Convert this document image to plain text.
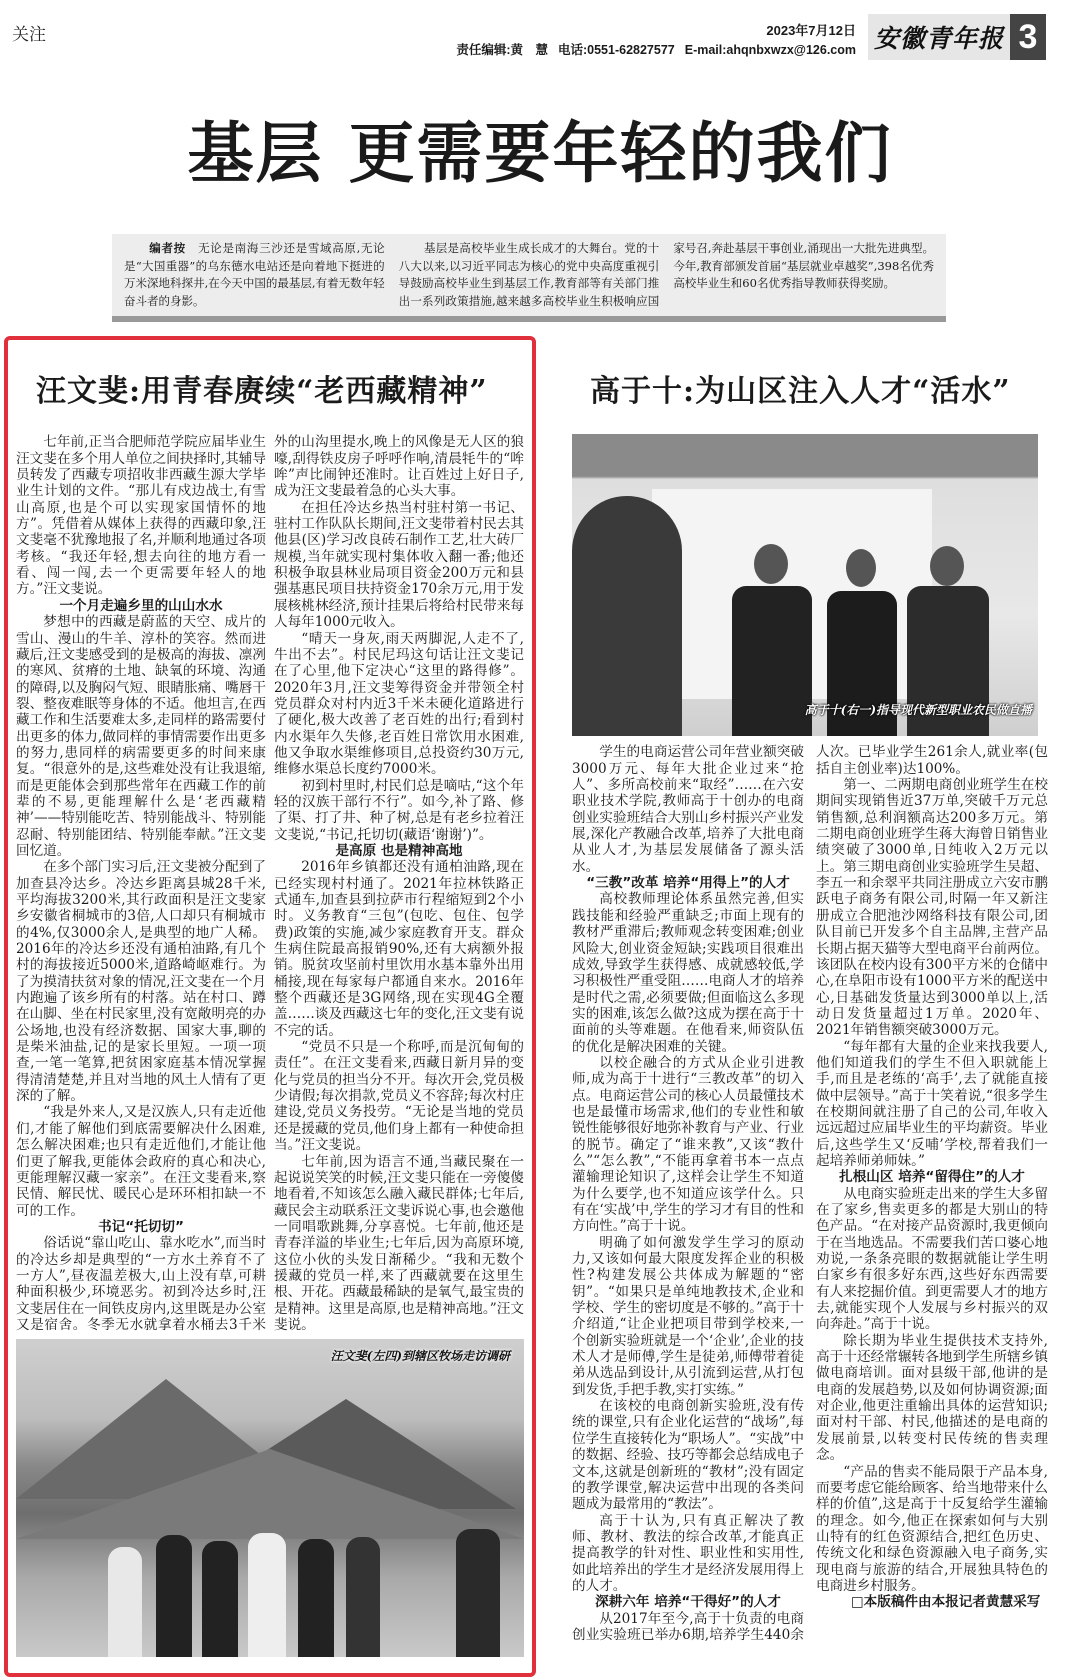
关注	2023年7月12日
责任编辑:黄　慧 电话:0551-62827577 E-mail:ahqnbxwzx@126.com 安徽青年报 3
基层 更需要年轻的我们

编者按　 无论是南海三沙还是雪域高原,无论是“大国重器”的乌东德水电站还是向着地下挺进的万米深地科探井,在今天中国的最基层,有着无数年轻奋斗者的身影。

基层是高校毕业生成长成才的大舞台。党的十八大以来,以习近平同志为核心的党中央高度重视引导鼓励高校毕业生到基层工作,教育部等有关部门推出一系列政策措施,越来越多高校毕业生积极响应国家号召,奔赴基层干事创业,涌现出一大批先进典型。今年,教育部颁发首届“基层就业卓越奖”,398名优秀高校毕业生和60名优秀指导教师获得奖励。

汪文斐:用青春赓续“老西藏精神”

七年前,正当合肥师范学院应届毕业生汪文斐在多个用人单位之间抉择时,其辅导员转发了西藏专项招收非西藏生源大学毕业生计划的文件。“那儿有戍边战士,有雪山高原,也是个可以实现家国情怀的地方”。凭借着从媒体上获得的西藏印象,汪文斐毫不犹豫地报了名,并顺利地通过各项考核。“我还年轻,想去向往的地方看一看、闯一闯,去一个更需要年轻人的地方。”汪文斐说。

一个月走遍乡里的山山水水

梦想中的西藏是蔚蓝的天空、成片的雪山、漫山的牛羊、淳朴的笑容。然而进藏后,汪文斐感受到的是极高的海拔、凛冽的寒风、贫瘠的土地、缺氧的环境、沟通的障碍,以及胸闷气短、眼睛胀痛、嘴唇干裂、整夜难眠等身体的不适。他坦言,在西藏工作和生活要难太多,走同样的路需要付出更多的体力,做同样的事情需要作出更多的努力,患同样的病需要更多的时间来康复。“很意外的是,这些难处没有让我退缩,而是更能体会到那些常年在西藏工作的前辈的不易,更能理解什么是‘老西藏精神’——特别能吃苦、特别能战斗、特别能忍耐、特别能团结、特别能奉献。”汪文斐回忆道。

在多个部门实习后,汪文斐被分配到了加查县冷达乡。冷达乡距离县城28千米,平均海拔3200米,其行政面积是汪文斐家乡安徽省桐城市的3倍,人口却只有桐城市的4%,仅3000余人,是典型的地广人稀。2016年的冷达乡还没有通柏油路,有几个村的海拔接近5000米,道路崎岖难行。为了为摸清扶贫对象的情况,汪文斐在一个月内跑遍了该乡所有的村落。站在村口、蹲在山脚、坐在村民家里,没有宽敞明亮的办公场地,也没有经济数据、国家大事,聊的是柴米油盐,记的是家长里短。一项一项查,一笔一笔算,把贫困家庭基本情况掌握得清清楚楚,并且对当地的风土人情有了更深的了解。

“我是外来人,又是汉族人,只有走近他们,才能了解他们到底需要解决什么困难,怎么解决困难;也只有走近他们,才能让他们更了解我,更能体会政府的真心和决心,更能理解汉藏一家亲”。在汪文斐看来,察民情、解民忧、暖民心是环环相扣缺一不可的工作。

书记“托切切”

俗话说“靠山吃山、靠水吃水”,而当时的冷达乡却是典型的“一方水土养育不了一方人”,昼夜温差极大,山上没有草,可耕种面积极少,环境恶劣。初到冷达乡时,汪文斐居住在一间铁皮房内,这里既是办公室又是宿舍。冬季无水就拿着水桶去3千米外的山沟里提水,晚上的风像是无人区的狼嚎,刮得铁皮房子呼呼作响,清晨牦牛的“哞哞”声比闹钟还准时。让百姓过上好日子,成为汪文斐最着急的心头大事。

在担任冷达乡热当村驻村第一书记、驻村工作队队长期间,汪文斐带着村民去其他县(区)学习改良砖石制作工艺,壮大砖厂规模,当年就实现村集体收入翻一番;他还积极争取县林业局项目资金200万元和县强基惠民项目扶持资金170余万元,用于发展核桃林经济,预计挂果后将给村民带来每人每年1000元收入。

“晴天一身灰,雨天两脚泥,人走不了,牛出不去”。村民尼玛这句话让汪文斐记在了心里,他下定决心“这里的路得修”。2020年3月,汪文斐筹得资金并带领全村党员群众对村内近3千米未硬化道路进行了硬化,极大改善了老百姓的出行;看到村内水渠年久失修,老百姓日常饮用水困难,他又争取水渠维修项目,总投资约30万元,维修水渠总长度约7000米。

初到村里时,村民们总是嘀咕,“这个年轻的汉族干部行不行”。如今,补了路、修了渠、打了井、种了树,总是有老乡拉着汪文斐说,“书记,托切切(藏语‘谢谢’)”。

是高原 也是精神高地

2016年乡镇都还没有通柏油路,现在已经实现村村通了。2021年拉林铁路正式通车,加查县到拉萨市行程缩短到2个小时。义务教育“三包”(包吃、包住、包学费)政策的实施,减少家庭教育开支。群众生病住院最高报销90%,还有大病额外报销。脱贫攻坚前村里饮用水基本靠外出用桶接,现在每家每户都通自来水。2016年整个西藏还是3G网络,现在实现4G全覆盖……谈及西藏这七年的变化,汪文斐有说不完的话。

“党员不只是一个称呼,而是沉甸甸的责任”。在汪文斐看来,西藏日新月异的变化与党员的担当分不开。每次开会,党员极少请假;每次捐款,党员义不容辞;每次村庄建设,党员义务投劳。“无论是当地的党员还是援藏的党员,他们身上都有一种使命担当。”汪文斐说。

七年前,因为语言不通,当藏民聚在一起说说笑笑的时候,汪文斐只能在一旁傻傻地看着,不知该怎么融入藏民群体;七年后,藏民会主动联系汪文斐诉说心事,也会邀他一同唱歌跳舞,分享喜悦。七年前,他还是青春洋溢的毕业生;七年后,因为高原环境,这位小伙的头发日渐稀少。“我和无数个援藏的党员一样,来了西藏就要在这里生根、开花。西藏最稀缺的是氧气,最宝贵的是精神。这里是高原,也是精神高地。”汪文斐说。

汪文斐(左四)到辖区牧场走访调研
高于十:为山区注入人才“活水”
高于十(右一)指导现代新型职业农民做直播

学生的电商运营公司年营业额突破3000万元、每年大批企业过来“抢人”、多所高校前来“取经”……在六安职业技术学院,教师高于十创办的电商创业实验班结合大别山乡村振兴产业发展,深化产教融合改革,培养了大批电商从业人才,为基层发展储备了源头活水。

“三教”改革 培养“用得上”的人才

高校教师理论体系虽然完善,但实践技能和经验严重缺乏;市面上现有的教材严重滞后;教师观念转变困难;创业风险大,创业资金短缺;实践项目很难出成效,导致学生获得感、成就感较低,学习积极性严重受阻……电商人才的培养是时代之需,必须要做;但面临这么多现实的困难,该怎么做?这成为摆在高于十面前的头等难题。在他看来,师资队伍的优化是解决困难的关键。

以校企融合的方式从企业引进教师,成为高于十进行“三教改革”的切入点。电商运营公司的核心人员最懂技术也是最懂市场需求,他们的专业性和敏锐性能够很好地弥补教育与产业、行业的脱节。确定了“谁来教”,又该“教什么”“怎么教”,“不能再拿着书本一点点灌输理论知识了,这样会让学生不知道为什么要学,也不知道应该学什么。只有在‘实战’中,学生的学习才有目的性和方向性。”高于十说。

明确了如何激发学生学习的原动力,又该如何最大限度发挥企业的积极性?构建发展公共体成为解题的“密钥”。“如果只是单纯地教技术,企业和学校、学生的密切度是不够的。”高于十介绍道,“让企业把项目带到学校来,一个创新实验班就是一个‘企业’,企业的技术人才是师傅,学生是徒弟,师傅带着徒弟从选品到设计,从引流到运营,从打包到发货,手把手教,实打实练。”

在该校的电商创新实验班,没有传统的课堂,只有企业化运营的“战场”,每位学生直接转化为“职场人”。“实战”中的数据、经验、技巧等都会总结成电子文本,这就是创新班的“教材”;没有固定的教学课堂,解决运营中出现的各类问题成为最常用的“教法”。

高于十认为,只有真正解决了教师、教材、教法的综合改革,才能真正提高教学的针对性、职业性和实用性,如此培养出的学生才是经济发展用得上的人才。

深耕六年 培养“干得好”的人才

从2017年至今,高于十负责的电商创业实验班已举办6期,培养学生440余人次。已毕业学生261余人,就业率(包括自主创业率)达100%。

第一、二两期电商创业班学生在校期间实现销售近37万单,突破千万元总销售额,总利润额高达200多万元。第二期电商创业班学生蒋大海曾日销售业绩突破了3000单,日纯收入2万元以上。第三期电商创业实验班学生吴超、李五一和余翠平共同注册成立六安市鹏跃电子商务有限公司,时隔一年又新注册成立合肥池沙网络科技有限公司,团队目前已开发多个自主品牌,主营产品长期占据天猫等大型电商平台前两位。该团队在校内设有300平方米的仓储中心,在阜阳市设有1000平方米的配送中心,日基础发货量达到3000单以上,活动日发货量超过1万单。2020年、2021年销售额突破3000万元。

“每年都有大量的企业来找我要人,他们知道我们的学生不但入职就能上手,而且是老练的‘高手’,去了就能直接做中层领导。”高于十笑着说,“很多学生在校期间就注册了自己的公司,年收入远远超过应届毕业生的平均薪资。毕业后,这些学生又‘反哺’学校,帮着我们一起培养师弟师妹。”

扎根山区 培养“留得住”的人才

从电商实验班走出来的学生大多留在了家乡,售卖更多的都是大别山的特色产品。“在对接产品资源时,我更倾向于在当地选品。不需要我们苦口婆心地劝说,一条条亮眼的数据就能让学生明白家乡有很多好东西,这些好东西需要有人来挖掘价值。到更需要人才的地方去,就能实现个人发展与乡村振兴的双向奔赴。”高于十说。

除长期为毕业生提供技术支持外,高于十还经常辗转各地到学生所辖乡镇做电商培训。面对县级干部,他讲的是电商的发展趋势,以及如何协调资源;面对企业,他更注重输出具体的运营知识;面对村干部、村民,他描述的是电商的发展前景,以转变村民传统的售卖理念。

“产品的售卖不能局限于产品本身,而要考虑它能给顾客、给当地带来什么样的价值”,这是高于十反复给学生灌输的理念。如今,他正在探索如何与大别山特有的红色资源结合,把红色历史、传统文化和绿色资源融入电子商务,实现电商与旅游的结合,开展独具特色的电商进乡村服务。

□本版稿件由本报记者黄慧采写
